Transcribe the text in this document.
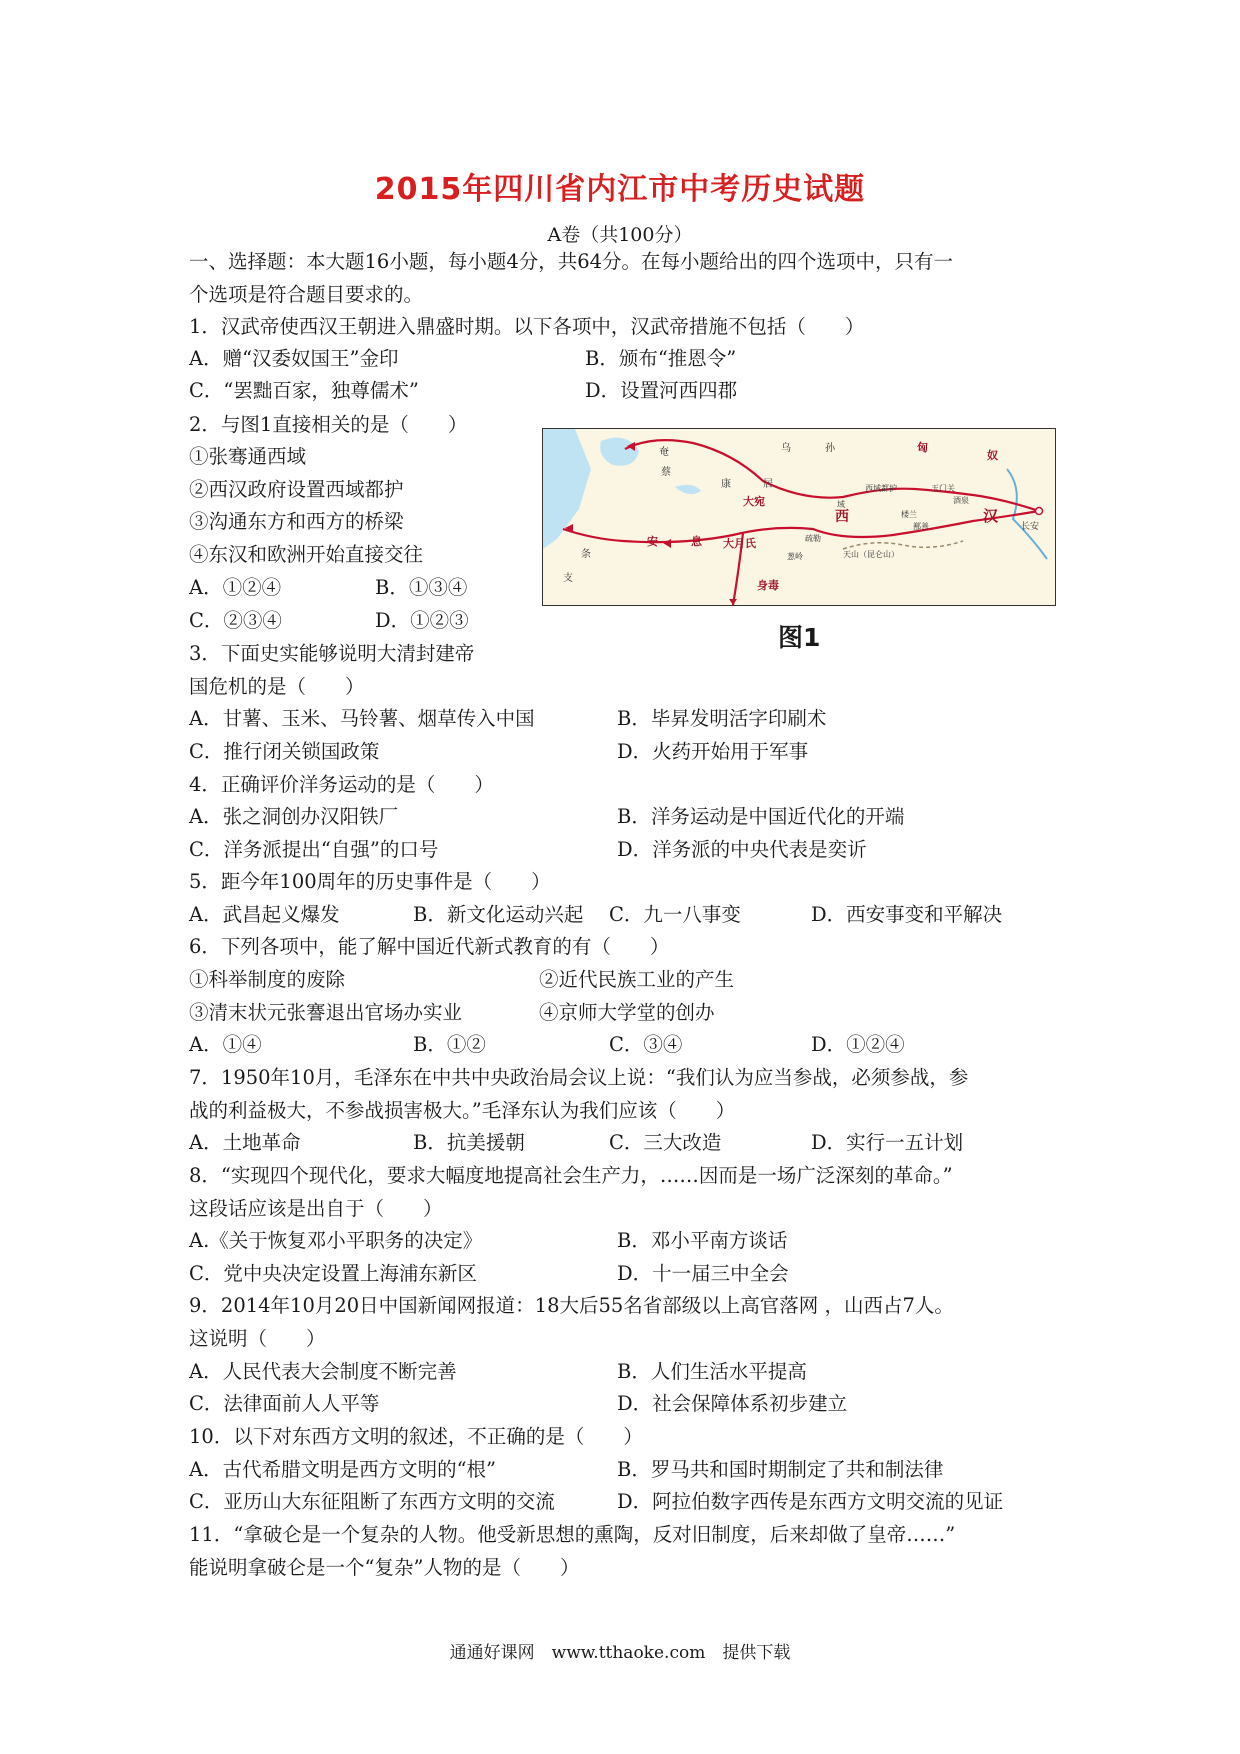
2015年四川省内江市中考历史试题
A卷（共100分）
一、选择题：本大题16小题，每小题4分，共64分。在每小题给出的四个选项中，只有一
个选项是符合题目要求的。
1．汉武帝使西汉王朝进入鼎盛时期。以下各项中，汉武帝措施不包括（　　）
A．赠“汉委奴国王”金印	B．颁布“推恩令”
C．“罢黜百家，独尊儒术”	D．设置河西四郡
2．与图1直接相关的是（　　）
①张骞通西域
②西汉政府设置西域都护
③沟通东方和西方的桥梁
④东汉和欧洲开始直接交往
A．①②④	B．①③④
C．②③④	D．①②③
匈
奴
大宛
安	息 大月氏
身毒
西	汉
奄
蔡
康	居
乌	孙
西域都护
域
玉门关
酒泉
楼兰
鄯善
疏勒
葱岭	天山（昆仑山）
条
支
长安
图1
3．下面史实能够说明大清封建帝
国危机的是（　　）
A．甘薯、玉米、马铃薯、烟草传入中国	B．毕昇发明活字印刷术
C．推行闭关锁国政策	D．火药开始用于军事
4．正确评价洋务运动的是（　　）
A．张之洞创办汉阳铁厂	B．洋务运动是中国近代化的开端
C．洋务派提出“自强”的口号	D．洋务派的中央代表是奕䜣
5．距今年100周年的历史事件是（　　）
A．武昌起义爆发	B．新文化运动兴起 C．九一八事变	D．西安事变和平解决
6．下列各项中，能了解中国近代新式教育的有（　　）
①科举制度的废除	②近代民族工业的产生
③清末状元张謇退出官场办实业	④京师大学堂的创办
A．①④	B．①②	C．③④	D．①②④
7．1950年10月，毛泽东在中共中央政治局会议上说：“我们认为应当参战，必须参战，参
战的利益极大，不参战损害极大。”毛泽东认为我们应该（　　）
A．土地革命	B．抗美援朝	C．三大改造	D．实行一五计划
8．“实现四个现代化，要求大幅度地提高社会生产力，……因而是一场广泛深刻的革命。”
这段话应该是出自于（　　）
A.《关于恢复邓小平职务的决定》	B．邓小平南方谈话
C．党中央决定设置上海浦东新区	D．十一届三中全会
9．2014年10月20日中国新闻网报道：18大后55名省部级以上高官落网 ，山西占7人。
这说明（　　）
A．人民代表大会制度不断完善	B．人们生活水平提高
C．法律面前人人平等	D．社会保障体系初步建立
10．以下对东西方文明的叙述，不正确的是（　　）
A．古代希腊文明是西方文明的“根”	B．罗马共和国时期制定了共和制法律
C．亚历山大东征阻断了东西方文明的交流	D．阿拉伯数字西传是东西方文明交流的见证
11．“拿破仑是一个复杂的人物。他受新思想的熏陶，反对旧制度，后来却做了皇帝……”
能说明拿破仑是一个“复杂”人物的是（　　）
通通好课网　www.tthaoke.com　提供下载
